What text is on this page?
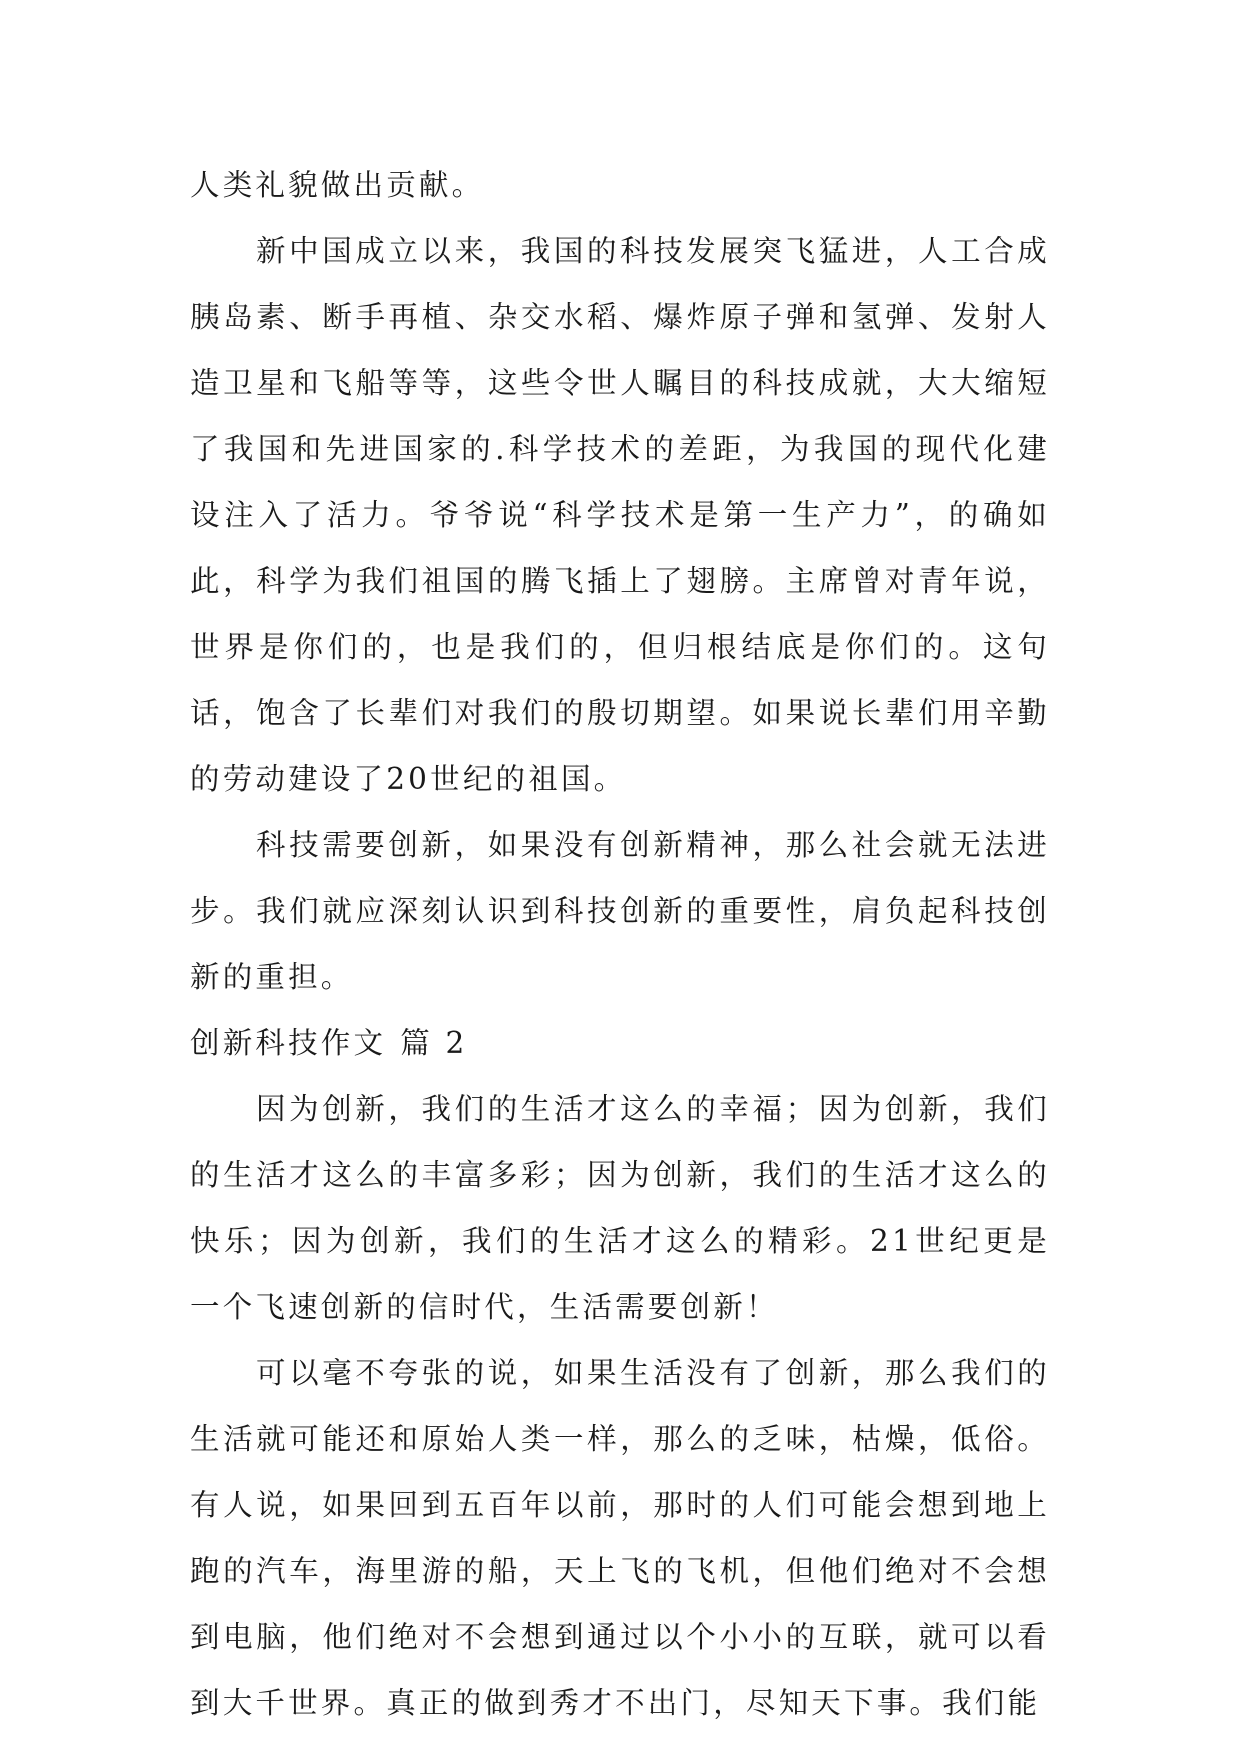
人类礼貌做出贡献。

新中国成立以来，我国的科技发展突飞猛进，人工合成胰岛素、断手再植、杂交水稻、爆炸原子弹和氢弹、发射人造卫星和飞船等等，这些令世人瞩目的科技成就，大大缩短了我国和先进国家的.科学技术的差距，为我国的现代化建设注入了活力。爷爷说“科学技术是第一生产力”，的确如此，科学为我们祖国的腾飞插上了翅膀。主席曾对青年说，世界是你们的，也是我们的，但归根结底是你们的。这句话，饱含了长辈们对我们的殷切期望。如果说长辈们用辛勤的劳动建设了20世纪的祖国。

科技需要创新，如果没有创新精神，那么社会就无法进步。我们就应深刻认识到科技创新的重要性，肩负起科技创新的重担。

创新科技作文 篇 2

因为创新，我们的生活才这么的幸福；因为创新，我们的生活才这么的丰富多彩；因为创新，我们的生活才这么的快乐；因为创新，我们的生活才这么的精彩。21世纪更是一个飞速创新的信时代，生活需要创新！

可以毫不夸张的说，如果生活没有了创新，那么我们的生活就可能还和原始人类一样，那么的乏味，枯燥，低俗。有人说，如果回到五百年以前，那时的人们可能会想到地上跑的汽车，海里游的船，天上飞的飞机，但他们绝对不会想到电脑，他们绝对不会想到通过以个小小的互联，就可以看到大千世界。真正的做到秀才不出门，尽知天下事。我们能
